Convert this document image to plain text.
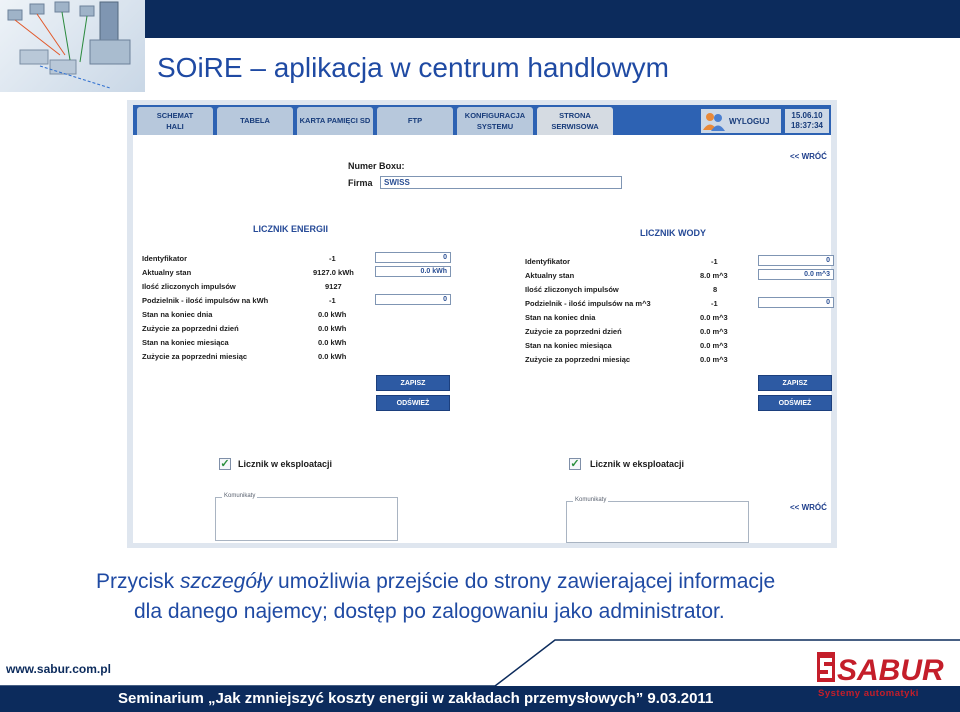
SOiRE – aplikacja w centrum handlowym
SCHEMAT
HALI
TABELA	KARTA PAMIĘCI SD	FTP
KONFIGURACJA
SYSTEMU
STRONA
SERWISOWA
WYLOGUJ
15.06.10
18:37:34
<< WRÓĆ
Numer Boxu:
Firma	SWISS
LICZNIK ENERGII
Identyfikator	-1	0
Aktualny stan	9127.0 kWh	0.0 kWh
Ilość zliczonych impulsów	9127
Podzielnik - ilość impulsów na kWh	-1	0
Stan na koniec dnia	0.0 kWh
Zużycie za poprzedni dzień	0.0 kWh
Stan na koniec miesiąca	0.0 kWh
Zużycie za poprzedni miesiąc	0.0 kWh
ZAPISZ
ODŚWIEŻ
✓ Licznik w eksploatacji
Komunikaty
LICZNIK WODY
Identyfikator	-1	0
Aktualny stan	8.0 m^3	0.0 m^3
Ilość zliczonych impulsów	8
Podzielnik - ilość impulsów na m^3	-1	0
Stan na koniec dnia	0.0 m^3
Zużycie za poprzedni dzień	0.0 m^3
Stan na koniec miesiąca	0.0 m^3
Zużycie za poprzedni miesiąc	0.0 m^3
ZAPISZ
ODŚWIEŻ
✓ Licznik w eksploatacji
Komunikaty
<< WRÓĆ
Przycisk szczegóły umożliwia przejście do strony zawierającej informacje
dla danego najemcy; dostęp po zalogowaniu jako administrator.
www.sabur.com.pl
Seminarium „Jak zmniejszyć koszty energii w zakładach przemysłowych” 9.03.2011
SABUR
Systemy automatyki
